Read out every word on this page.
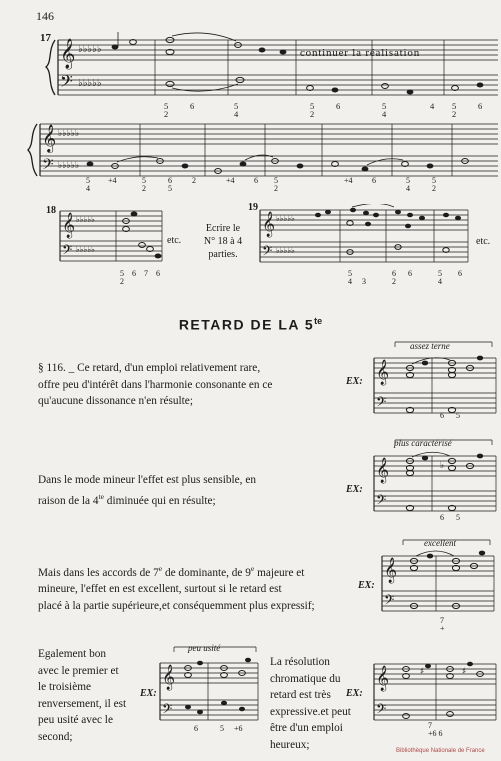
146
17
𝄞
𝄢
♭♭♭♭♭
♭♭♭♭♭
continuer la réalisation
5
2
6	5
4
5
2
6	5
4
4 5
2
6
𝄞
𝄢
♭♭♭♭♭
♭♭♭♭♭
5
4
+4	5
2
6
5
2	+4 6 5
2
+4 6	5
4
5
2
18
𝄞
𝄢
♭♭♭♭♭
♭♭♭♭♭
etc.
5
2
6 7 6
Ecrire le
N° 18 à 4
parties.
19
𝄞
𝄢
♭♭♭♭♭
♭♭♭♭♭
etc.
5
4 3
6
2
6	5
4
6
RETARD DE LA $5^{te}$
§ 116. _ Ce retard, d'un emploi relativement rare,
offre peu d'intérêt dans l'harmonie consonante en ce
qu'aucune dissonance n'en résulte;
EX: 𝄞
𝄢
assez terne
6 5
Dans le mode mineur l'effet est plus sensible, en
raison de la $4^{te}$ diminuée qui en résulte;
EX:
𝄞
𝄢
♭
plus caractérisé
6 5
Mais dans les accords de 7e de dominante, de 9e majeure et
mineure, l'effet en est excellent, surtout si le retard est
placé à la partie supérieure,et conséquemment plus expressif;
EX:
𝄞
𝄢
excellent
7
+
Egalement bon
avec le premier et
le troisième
renversement, il est
peu usité avec le
second;
EX:
𝄞
𝄢
peu usité
6	5 +6
La résolution
chromatique du
retard est très
expressive.et peut
être d'un emploi
heureux;
EX:
𝄞
𝄢
♯	♯
7
+6 6
Bibliothèque Nationale de France
